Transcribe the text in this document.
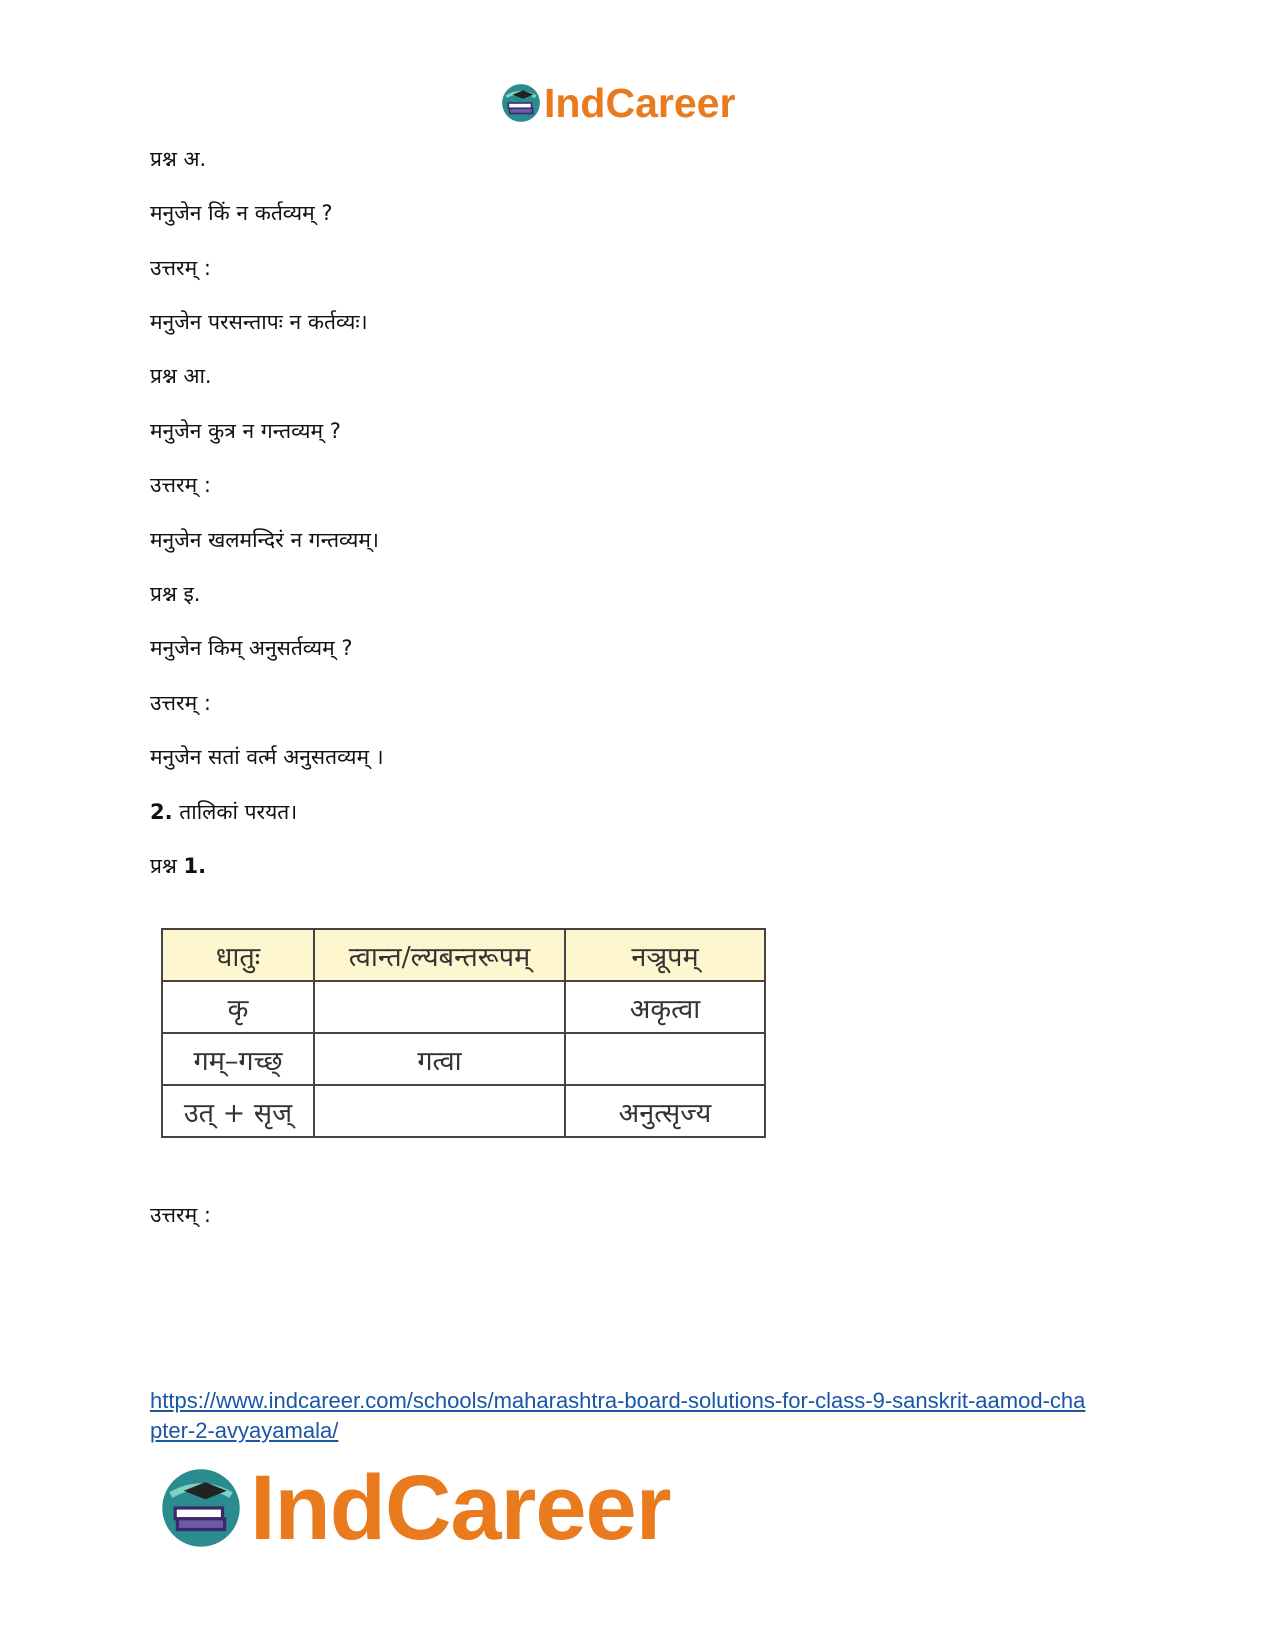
IndCareer
प्रश्न अ.
मनुजेन किं न कर्तव्यम् ?
उत्तरम् :
मनुजेन परसन्तापः न कर्तव्यः।
प्रश्न आ.
मनुजेन कुत्र न गन्तव्यम् ?
उत्तरम् :
मनुजेन खलमन्दिरं न गन्तव्यम्।
प्रश्न इ.
मनुजेन किम् अनुसर्तव्यम् ?
उत्तरम् :
मनुजेन सतां वर्त्म अनुसतव्यम् ।
2. तालिकां परयत।
प्रश्न 1.
धातुः	त्वान्त/ल्यबन्तरूपम्	नञ्रूपम्
कृ		अकृत्वा
गम्–गच्छ्	गत्वा	
उत् + सृज्		अनुत्सृज्य
उत्तरम् :
https://www.indcareer.com/schools/maharashtra-board-solutions-for-class-9-sanskrit-aamod-cha
pter-2-avyayamala/
IndCareer
